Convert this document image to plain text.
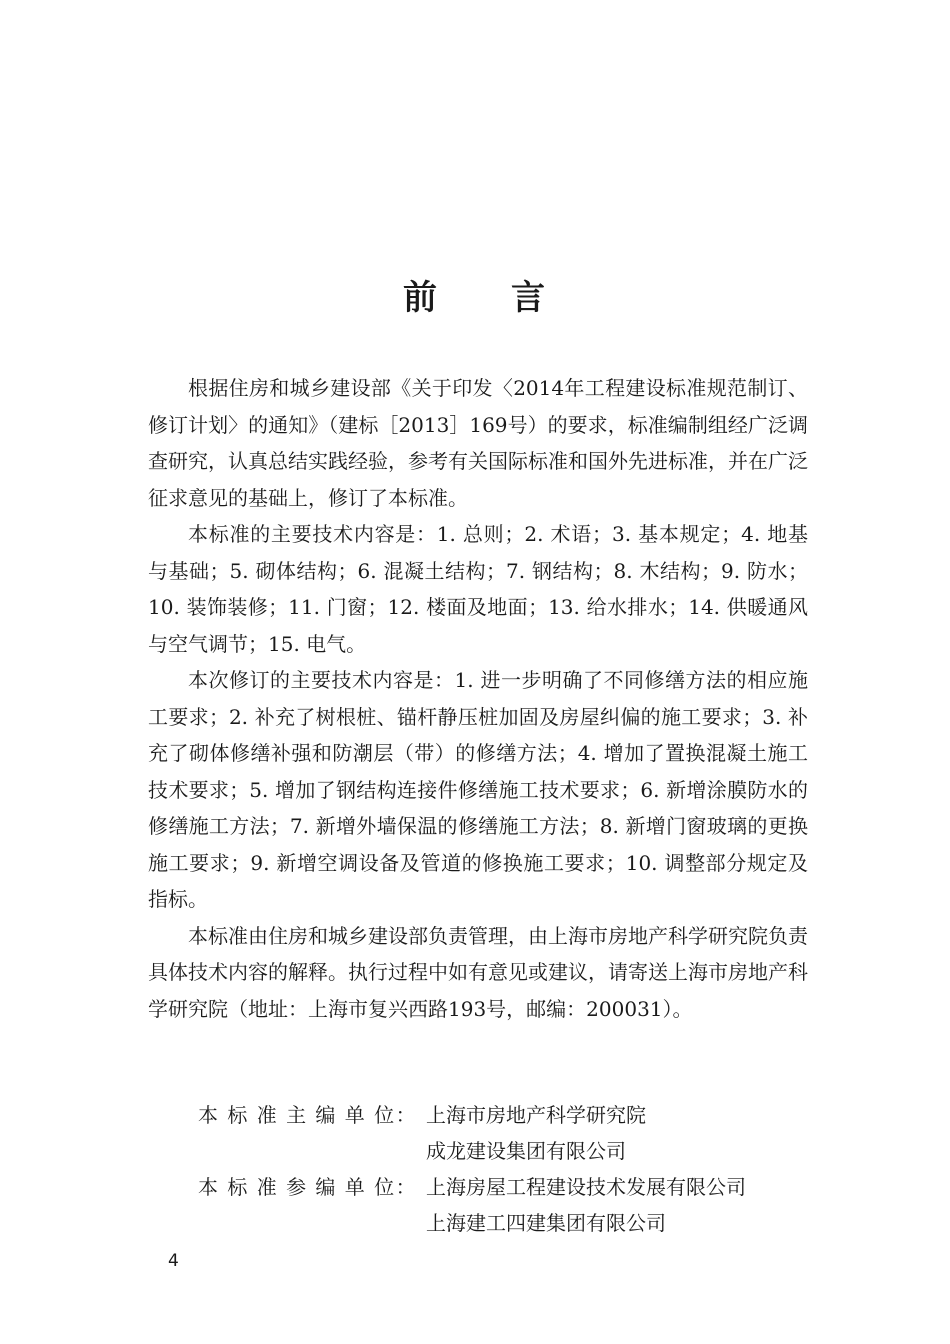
前 言

根据住房和城乡建设部《关于印发〈2014年工程建设标准规范制订、修订计划〉的通知》（建标［2013］169号）的要求，标准编制组经广泛调查研究，认真总结实践经验，参考有关国际标准和国外先进标准，并在广泛征求意见的基础上，修订了本标准。

本标准的主要技术内容是：1. 总则；2. 术语；3. 基本规定；4. 地基与基础；5. 砌体结构；6. 混凝土结构；7. 钢结构；8. 木结构；9. 防水；10. 装饰装修；11. 门窗；12. 楼面及地面；13. 给水排水；14. 供暖通风与空气调节；15. 电气。

本次修订的主要技术内容是：1. 进一步明确了不同修缮方法的相应施工要求；2. 补充了树根桩、锚杆静压桩加固及房屋纠偏的施工要求；3. 补充了砌体修缮补强和防潮层（带）的修缮方法；4. 增加了置换混凝土施工技术要求；5. 增加了钢结构连接件修缮施工技术要求；6. 新增涂膜防水的修缮施工方法；7. 新增外墙保温的修缮施工方法；8. 新增门窗玻璃的更换施工要求；9. 新增空调设备及管道的修换施工要求；10. 调整部分规定及指标。

本标准由住房和城乡建设部负责管理，由上海市房地产科学研究院负责具体技术内容的解释。执行过程中如有意见或建议，请寄送上海市房地产科学研究院（地址：上海市复兴西路193号，邮编：200031）。

本 标 准 主 编 单 位： 上海市房地产科学研究院
成龙建设集团有限公司
本 标 准 参 编 单 位： 上海房屋工程建设技术发展有限公司
上海建工四建集团有限公司
4
